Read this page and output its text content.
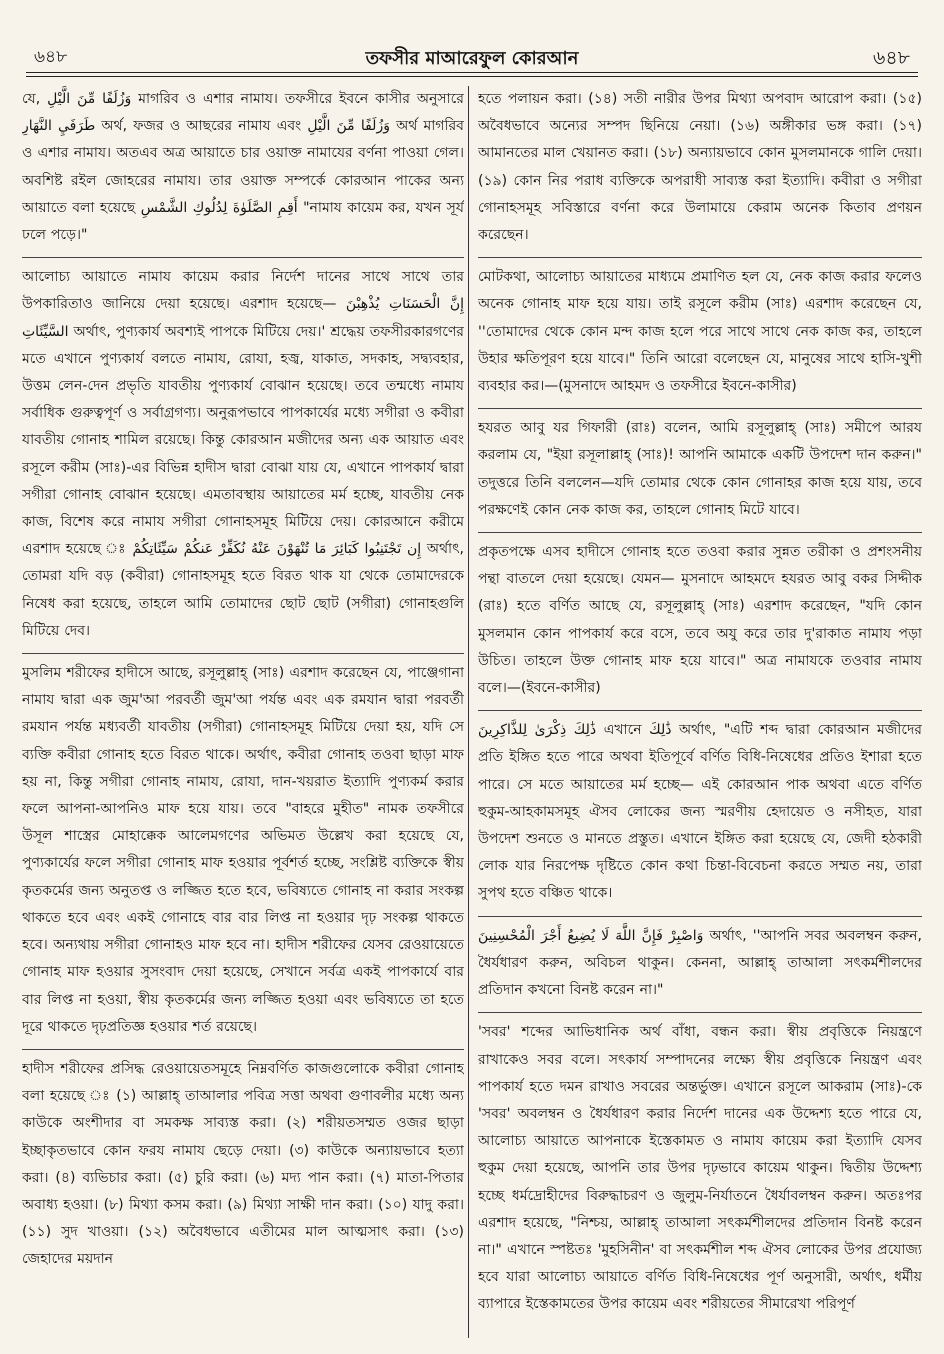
৬৪৮	তফসীর মাআরেফুল কোরআন	৬৪৮

যে, وَزُلَفًا مِّنَ الَّيْلِ মাগরিব ও এশার নামায। তফসীরে ইবনে কাসীর অনুসারে طَرَفَيِ النَّهَارِ অর্থ, ফজর ও আছরের নামায এবং وَزُلَفًا مِّنَ الَّيْلِ অর্থ মাগরিব ও এশার নামায। অতএব অত্র আয়াতে চার ওয়াক্ত নামাযের বর্ণনা পাওয়া গেল। অবশিষ্ট রইল জোহরের নামায। তার ওয়াক্ত সম্পর্কে কোরআন পাকের অন্য আয়াতে বলা হয়েছে أَقِمِ الصَّلَوٰةَ لِدُلُوكِ الشَّمْسِ "নামায কায়েম কর, যখন সূর্য ঢলে পড়ে।"

আলোচ্য আয়াতে নামায কায়েম করার নির্দেশ দানের সাথে সাথে তার উপকারিতাও জানিয়ে দেয়া হয়েছে। এরশাদ হয়েছে— إِنَّ الْحَسَنَاتِ يُذْهِبْنَ السَّيِّئَاتِ অর্থাৎ, পুণ্যকার্য অবশ্যই পাপকে মিটিয়ে দেয়।' শ্রদ্ধেয় তফসীরকারগণের মতে এখানে পুণ্যকার্য বলতে নামায, রোযা, হজ্ব, যাকাত, সদকাহ, সদ্ব্যবহার, উত্তম লেন-দেন প্রভৃতি যাবতীয় পুণ্যকার্য বোঝান হয়েছে। তবে তন্মধ্যে নামায সর্বাধিক গুরুত্বপূর্ণ ও সর্বাগ্রগণ্য। অনুরূপভাবে পাপকার্যের মধ্যে সগীরা ও কবীরা যাবতীয় গোনাহ শামিল রয়েছে। কিন্তু কোরআন মজীদের অন্য এক আয়াত এবং রসূলে করীম (সাঃ)-এর বিভিন্ন হাদীস দ্বারা বোঝা যায় যে, এখানে পাপকার্য দ্বারা সগীরা গোনাহ বোঝান হয়েছে। এমতাবস্থায় আয়াতের মর্ম হচ্ছে, যাবতীয় নেক কাজ, বিশেষ করে নামায সগীরা গোনাহসমূহ মিটিয়ে দেয়। কোরআনে করীমে এরশাদ হয়েছে ঃ إِن تَجْتَنِبُوا كَبَائِرَ مَا تُنْهَوْنَ عَنْهُ نُكَفِّرْ عَنكُمْ سَيِّئَاتِكُمْ অর্থাৎ, তোমরা যদি বড় (কবীরা) গোনাহসমূহ হতে বিরত থাক যা থেকে তোমাদেরকে নিষেধ করা হয়েছে, তাহলে আমি তোমাদের ছোট ছোট (সগীরা) গোনাহগুলি মিটিয়ে দেব।

মুসলিম শরীফের হাদীসে আছে, রসূলুল্লাহ্ (সাঃ) এরশাদ করেছেন যে, পাঞ্জেগানা নামায দ্বারা এক জুম'আ পরবর্তী জুম'আ পর্যন্ত এবং এক রমযান দ্বারা পরবর্তী রমযান পর্যন্ত মধ্যবর্তী যাবতীয় (সগীরা) গোনাহসমূহ মিটিয়ে দেয়া হয়, যদি সে ব্যক্তি কবীরা গোনাহ হতে বিরত থাকে। অর্থাৎ, কবীরা গোনাহ তওবা ছাড়া মাফ হয় না, কিন্তু সগীরা গোনাহ নামায, রোযা, দান-খয়রাত ইত্যাদি পুণ্যকর্ম করার ফলে আপনা-আপনিও মাফ হয়ে যায়। তবে "বাহরে মুহীত" নামক তফসীরে উসূল শাস্ত্রের মোহাক্কেক আলেমগণের অভিমত উল্লেখ করা হয়েছে যে, পুণ্যকার্যের ফলে সগীরা গোনাহ মাফ হওয়ার পূর্বশর্ত হচ্ছে, সংশ্লিষ্ট ব্যক্তিকে স্বীয় কৃতকর্মের জন্য অনুতপ্ত ও লজ্জিত হতে হবে, ভবিষ্যতে গোনাহ না করার সংকল্প থাকতে হবে এবং একই গোনাহে বার বার লিপ্ত না হওয়ার দৃঢ় সংকল্প থাকতে হবে। অন্যথায় সগীরা গোনাহও মাফ হবে না। হাদীস শরীফের যেসব রেওয়ায়েতে গোনাহ মাফ হওয়ার সুসংবাদ দেয়া হয়েছে, সেখানে সর্বত্র একই পাপকার্যে বার বার লিপ্ত না হওয়া, স্বীয় কৃতকর্মের জন্য লজ্জিত হওয়া এবং ভবিষ্যতে তা হতে দূরে থাকতে দৃঢ়প্রতিজ্ঞ হওয়ার শর্ত রয়েছে।

হাদীস শরীফের প্রসিদ্ধ রেওয়ায়েতসমূহে নিম্নবর্ণিত কাজগুলোকে কবীরা গোনাহ বলা হয়েছে ঃ (১) আল্লাহ্ তাআলার পবিত্র সত্তা অথবা গুণাবলীর মধ্যে অন্য কাউকে অংশীদার বা সমকক্ষ সাব্যস্ত করা। (২) শরীয়তসম্মত ওজর ছাড়া ইচ্ছাকৃতভাবে কোন ফরয নামায ছেড়ে দেয়া। (৩) কাউকে অন্যায়ভাবে হত্যা করা। (৪) ব্যভিচার করা। (৫) চুরি করা। (৬) মদ্য পান করা। (৭) মাতা-পিতার অবাধ্য হওয়া। (৮) মিথ্যা কসম করা। (৯) মিথ্যা সাক্ষী দান করা। (১০) যাদু করা। (১১) সুদ খাওয়া। (১২) অবৈধভাবে এতীমের মাল আত্মসাৎ করা। (১৩) জেহাদের ময়দান

হতে পলায়ন করা। (১৪) সতী নারীর উপর মিথ্যা অপবাদ আরোপ করা। (১৫) অবৈধভাবে অন্যের সম্পদ ছিনিয়ে নেয়া। (১৬) অঙ্গীকার ভঙ্গ করা। (১৭) আমানতের মাল খেয়ানত করা। (১৮) অন্যায়ভাবে কোন মুসলমানকে গালি দেয়া। (১৯) কোন নির পরাধ ব্যক্তিকে অপরাধী সাব্যস্ত করা ইত্যাদি। কবীরা ও সগীরা গোনাহসমূহ সবিস্তারে বর্ণনা করে উলামায়ে কেরাম অনেক কিতাব প্রণয়ন করেছেন।

মোটকথা, আলোচ্য আয়াতের মাধ্যমে প্রমাণিত হল যে, নেক কাজ করার ফলেও অনেক গোনাহ মাফ হয়ে যায়। তাই রসূলে করীম (সাঃ) এরশাদ করেছেন যে, ''তোমাদের থেকে কোন মন্দ কাজ হলে পরে সাথে সাথে নেক কাজ কর, তাহলে উহার ক্ষতিপূরণ হয়ে যাবে।" তিনি আরো বলেছেন যে, মানুষের সাথে হাসি-খুশী ব্যবহার কর।—(মুসনাদে আহমদ ও তফসীরে ইবনে-কাসীর)

হযরত আবু যর গিফারী (রাঃ) বলেন, আমি রসূলুল্লাহ্ (সাঃ) সমীপে আরয করলাম যে, "ইয়া রসূলাল্লাহ্ (সাঃ)! আপনি আমাকে একটি উপদেশ দান করুন।" তদুত্তরে তিনি বললেন—যদি তোমার থেকে কোন গোনাহর কাজ হয়ে যায়, তবে পরক্ষণেই কোন নেক কাজ কর, তাহলে গোনাহ মিটে যাবে।

প্রকৃতপক্ষে এসব হাদীসে গোনাহ হতে তওবা করার সুন্নত তরীকা ও প্রশংসনীয় পন্থা বাতলে দেয়া হয়েছে। যেমন— মুসনাদে আহমদে হযরত আবু বকর সিদ্দীক (রাঃ) হতে বর্ণিত আছে যে, রসূলুল্লাহ্ (সাঃ) এরশাদ করেছেন, "যদি কোন মুসলমান কোন পাপকার্য করে বসে, তবে অযু করে তার দু'রাকাত নামায পড়া উচিত। তাহলে উক্ত গোনাহ মাফ হয়ে যাবে।" অত্র নামাযকে তওবার নামায বলে।—(ইবনে-কাসীর)

ذَٰلِكَ ذِكْرَىٰ لِلذَّاكِرِينَ এখানে ذَٰلِكَ অর্থাৎ, "এটি শব্দ দ্বারা কোরআন মজীদের প্রতি ইঙ্গিত হতে পারে অথবা ইতিপূর্বে বর্ণিত বিধি-নিষেধের প্রতিও ইশারা হতে পারে। সে মতে আয়াতের মর্ম হচ্ছে— এই কোরআন পাক অথবা এতে বর্ণিত হুকুম-আহকামসমূহ ঐসব লোকের জন্য স্মরণীয় হেদায়েত ও নসীহত, যারা উপদেশ শুনতে ও মানতে প্রস্তুত। এখানে ইঙ্গিত করা হয়েছে যে, জেদী হঠকারী লোক যার নিরপেক্ষ দৃষ্টিতে কোন কথা চিন্তা-বিবেচনা করতে সম্মত নয়, তারা সুপথ হতে বঞ্চিত থাকে।

وَاصْبِرْ فَإِنَّ اللَّهَ لَا يُضِيعُ أَجْرَ الْمُحْسِنِينَ অর্থাৎ, ''আপনি সবর অবলম্বন করুন, ধৈর্যধারণ করুন, অবিচল থাকুন। কেননা, আল্লাহ্ তাআলা সৎকর্মশীলদের প্রতিদান কখনো বিনষ্ট করেন না।"

'সবর' শব্দের আভিধানিক অর্থ বাঁধা, বন্ধন করা। স্বীয় প্রবৃত্তিকে নিয়ন্ত্রণে রাখাকেও সবর বলে। সৎকার্য সম্পাদনের লক্ষ্যে স্বীয় প্রবৃত্তিকে নিয়ন্ত্রণ এবং পাপকার্য হতে দমন রাখাও সবরের অন্তর্ভুক্ত। এখানে রসূলে আকরাম (সাঃ)-কে 'সবর' অবলম্বন ও ধৈর্যধারণ করার নির্দেশ দানের এক উদ্দেশ্য হতে পারে যে, আলোচ্য আয়াতে আপনাকে ইস্তেকামত ও নামায কায়েম করা ইত্যাদি যেসব হুকুম দেয়া হয়েছে, আপনি তার উপর দৃঢ়ভাবে কায়েম থাকুন। দ্বিতীয় উদ্দেশ্য হচ্ছে ধর্মদ্রোহীদের বিরুদ্ধাচরণ ও জুলুম-নির্যাতনে ধৈর্যাবলম্বন করুন। অতঃপর এরশাদ হয়েছে, "নিশ্চয়, আল্লাহ্ তাআলা সৎকর্মশীলদের প্রতিদান বিনষ্ট করেন না।" এখানে স্পষ্টতঃ 'মুহসিনীন' বা সৎকর্মশীল শব্দ ঐসব লোকের উপর প্রযোজ্য হবে যারা আলোচ্য আয়াতে বর্ণিত বিধি-নিষেধের পূর্ণ অনুসারী, অর্থাৎ, ধর্মীয় ব্যাপারে ইস্তেকামতের উপর কায়েম এবং শরীয়তের সীমারেখা পরিপূর্ণ
